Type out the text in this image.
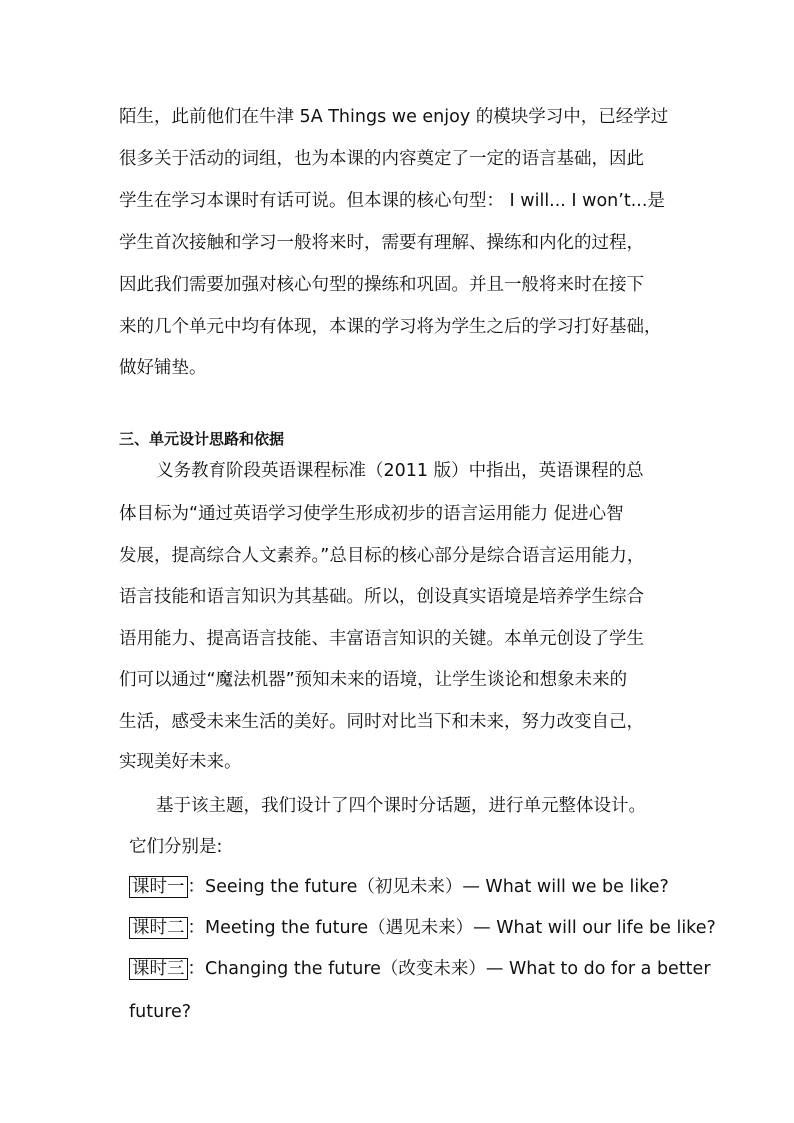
陌生，此前他们在牛津 5A Things we enjoy 的模块学习中，已经学过
很多关于活动的词组，也为本课的内容奠定了一定的语言基础，因此
学生在学习本课时有话可说。但本课的核心句型： I will... I won’t...是
学生首次接触和学习一般将来时，需要有理解、操练和内化的过程，
因此我们需要加强对核心句型的操练和巩固。并且一般将来时在接下
来的几个单元中均有体现，本课的学习将为学生之后的学习打好基础，
做好铺垫。
三、单元设计思路和依据
义务教育阶段英语课程标准（2011 版）中指出，英语课程的总
体目标为“通过英语学习使学生形成初步的语言运用能力 促进心智
发展，提高综合人文素养。”总目标的核心部分是综合语言运用能力，
语言技能和语言知识为其基础。所以，创设真实语境是培养学生综合
语用能力、提高语言技能、丰富语言知识的关键。本单元创设了学生
们可以通过“魔法机器”预知未来的语境，让学生谈论和想象未来的
生活，感受未来生活的美好。同时对比当下和未来，努力改变自己，
实现美好未来。
基于该主题，我们设计了四个课时分话题，进行单元整体设计。
它们分别是:
课时一 ：Seeing the future（初见未来）— What will we be like?
课时二 ：Meeting the future（遇见未来）— What will our life be like?
课时三 ：Changing the future（改变未来）— What to do for a better
future?
